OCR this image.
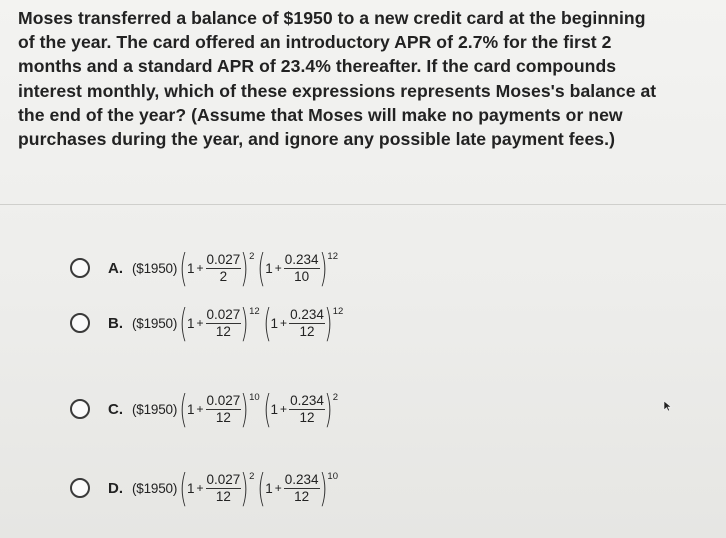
Moses transferred a balance of $1950 to a new credit card at the beginning
of the year. The card offered an introductory APR of 2.7% for the first 2
months and a standard APR of 23.4% thereafter. If the card compounds
interest monthly, which of these expressions represents Moses's balance at
the end of the year? (Assume that Moses will make no payments or new
purchases during the year, and ignore any possible late payment fees.)
A. ($1950) ( $1 + \frac{0.027}{2}$ ) 2 ( $1 + \frac{0.234}{10}$ ) 12
B. ($1950) ( $1 + \frac{0.027}{12}$ ) 12 ( $1 + \frac{0.234}{12}$ ) 12
C. ($1950) ( $1 + \frac{0.027}{12}$ ) 10 ( $1 + \frac{0.234}{12}$ ) 2
D. ($1950) ( $1 + \frac{0.027}{12}$ ) 2 ( $1 + \frac{0.234}{12}$ ) 10
